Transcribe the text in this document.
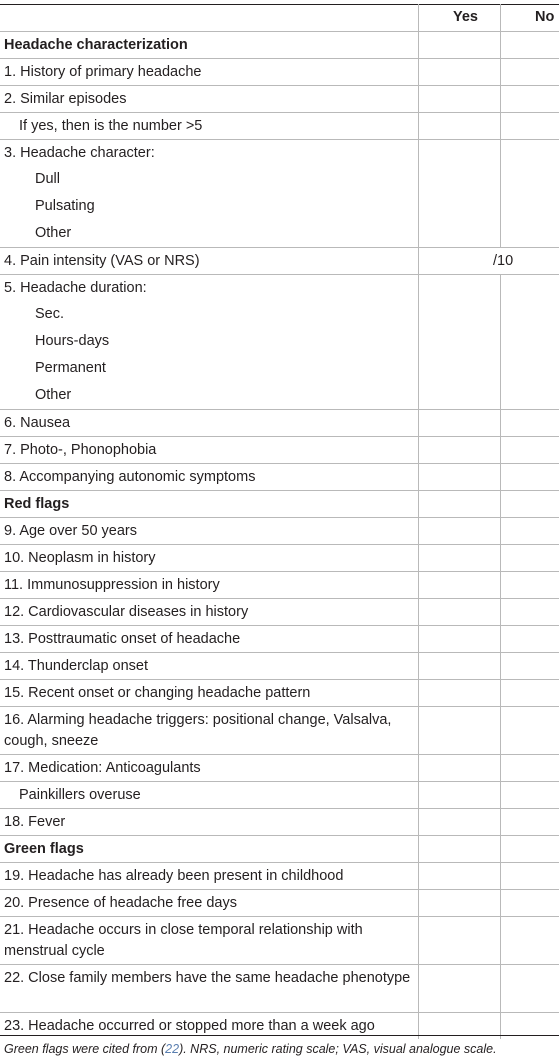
Yes	No
Headache characterization
1. History of primary headache
2. Similar episodes
If yes, then is the number >5
3. Headache character:
Dull
Pulsating
Other
4. Pain intensity (VAS or NRS)	/10
5. Headache duration:
Sec.
Hours-days
Permanent
Other
6. Nausea
7. Photo-, Phonophobia
8. Accompanying autonomic symptoms
Red flags
9. Age over 50 years
10. Neoplasm in history
11. Immunosuppression in history
12. Cardiovascular diseases in history
13. Posttraumatic onset of headache
14. Thunderclap onset
15. Recent onset or changing headache pattern
16. Alarming headache triggers: positional change, Valsalva, cough, sneeze
17. Medication: Anticoagulants
Painkillers overuse
18. Fever
Green flags
19. Headache has already been present in childhood
20. Presence of headache free days
21. Headache occurs in close temporal relationship with menstrual cycle
22. Close family members have the same headache phenotype
23. Headache occurred or stopped more than a week ago
Green flags were cited from (22). NRS, numeric rating scale; VAS, visual analogue scale.
